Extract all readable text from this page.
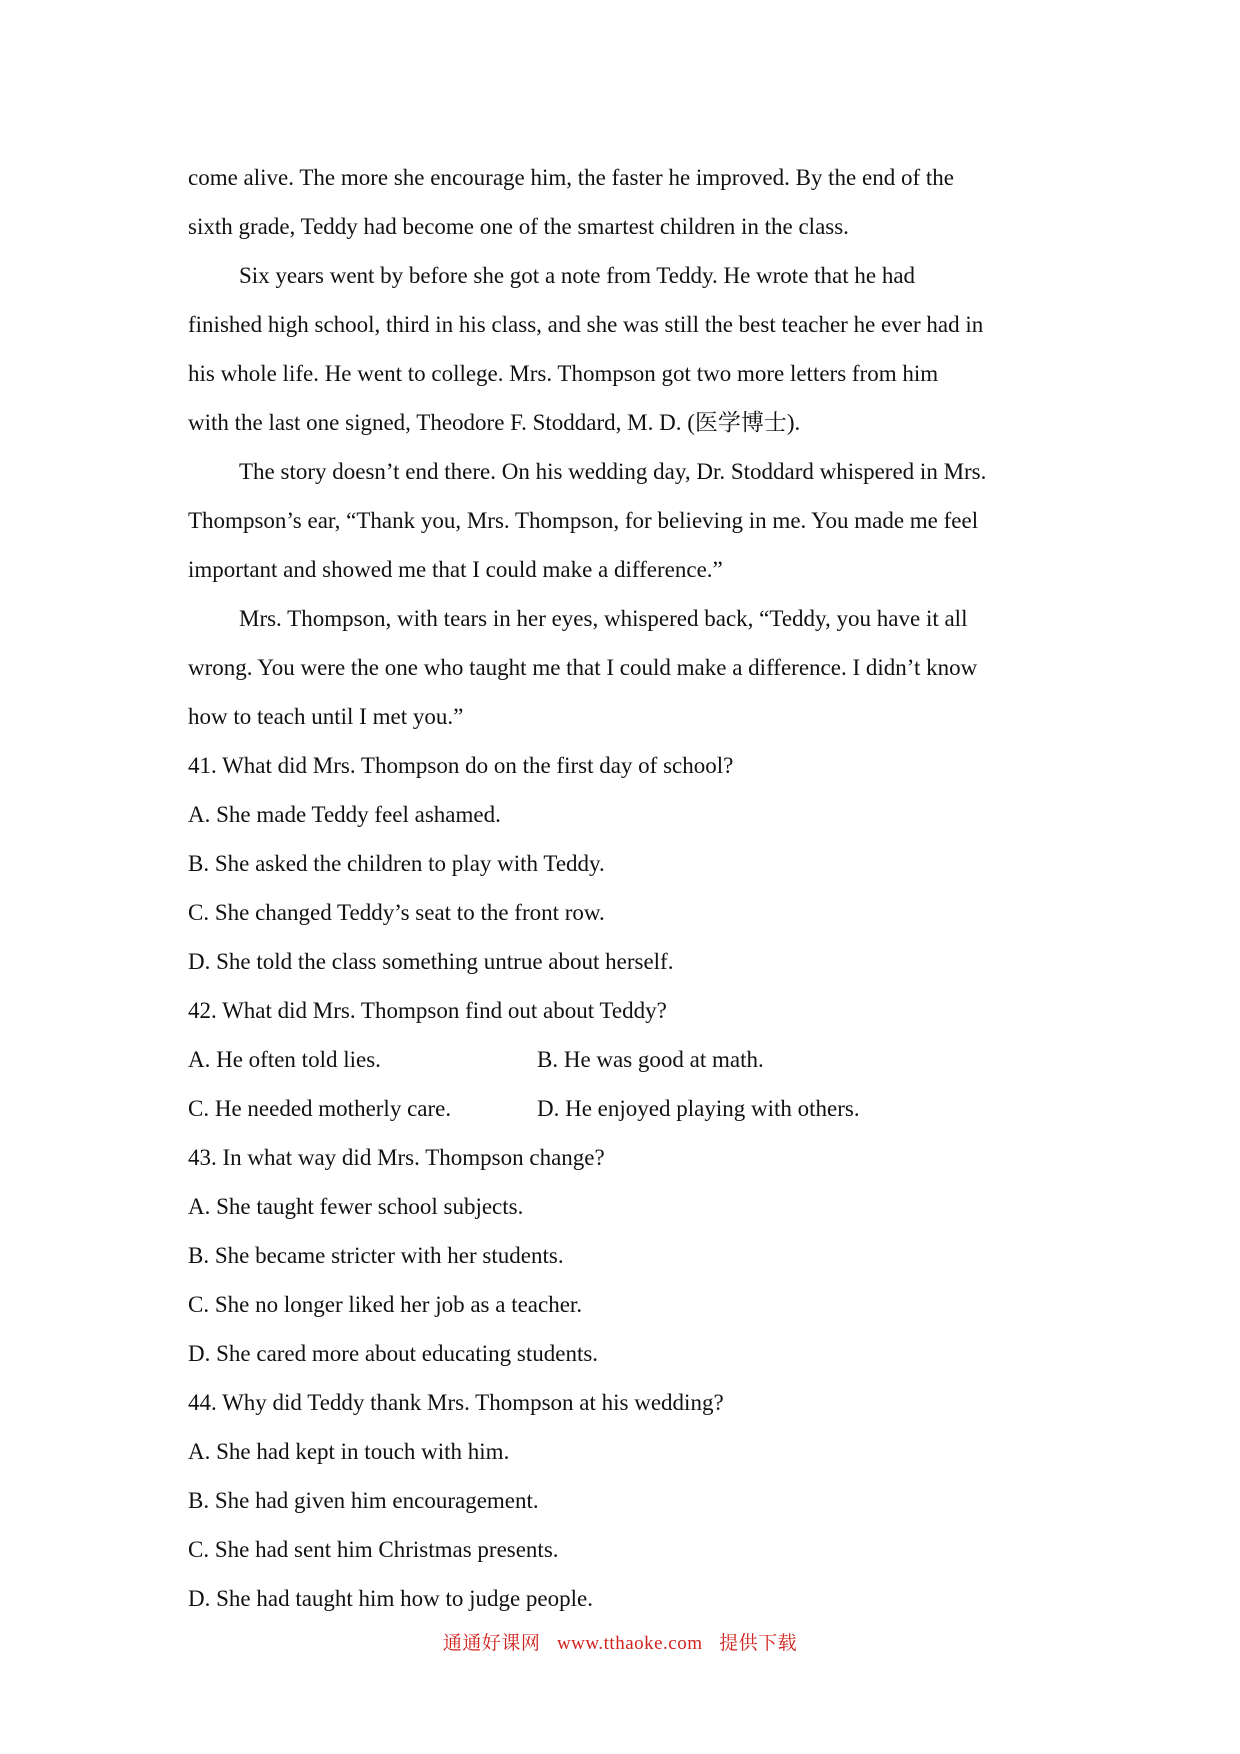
come alive. The more she encourage him, the faster he improved. By the end of the
sixth grade, Teddy had become one of the smartest children in the class.
Six years went by before she got a note from Teddy. He wrote that he had
finished high school, third in his class, and she was still the best teacher he ever had in
his whole life. He went to college. Mrs. Thompson got two more letters from him
with the last one signed, Theodore F. Stoddard, M. D. (医学博士).
The story doesn’t end there. On his wedding day, Dr. Stoddard whispered in Mrs.
Thompson’s ear, “Thank you, Mrs. Thompson, for believing in me. You made me feel
important and showed me that I could make a difference.”
Mrs. Thompson, with tears in her eyes, whispered back, “Teddy, you have it all
wrong. You were the one who taught me that I could make a difference. I didn’t know
how to teach until I met you.”
41. What did Mrs. Thompson do on the first day of school?
A. She made Teddy feel ashamed.
B. She asked the children to play with Teddy.
C. She changed Teddy’s seat to the front row.
D. She told the class something untrue about herself.
42. What did Mrs. Thompson find out about Teddy?
A. He often told lies.	B. He was good at math.
C. He needed motherly care.	D. He enjoyed playing with others.
43. In what way did Mrs. Thompson change?
A. She taught fewer school subjects.
B. She became stricter with her students.
C. She no longer liked her job as a teacher.
D. She cared more about educating students.
44. Why did Teddy thank Mrs. Thompson at his wedding?
A. She had kept in touch with him.
B. She had given him encouragement.
C. She had sent him Christmas presents.
D. She had taught him how to judge people.
通通好课网 www.tthaoke.com 提供下载
